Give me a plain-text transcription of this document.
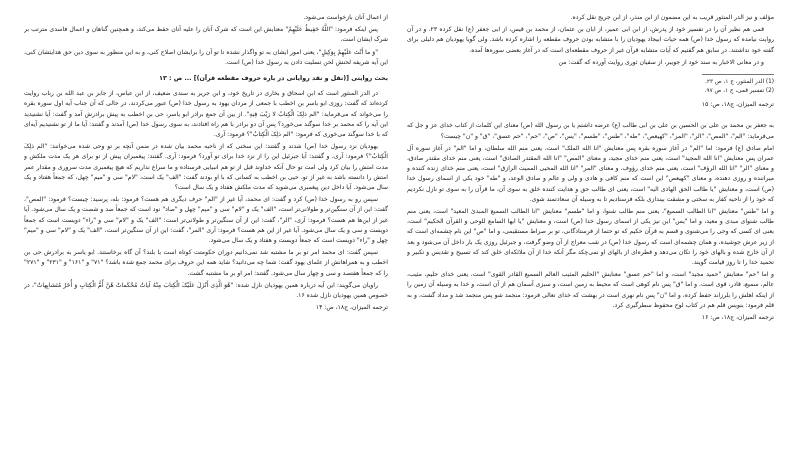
مؤلف و نیز الدر المنثور قریب به این مضمون از ابن منذر، از ابن جریج نقل کرده.

قمی هم نظیر آن را در تفسیر خود از پدرش، از ابن ابی عمیر، از ابان بن عثمان، از محمد بن قیس، از ابی جعفر (ع) نقل کرده ۲۳. و در آن روایت نیامده که رسول خدا (ص) همه حیات ابیجاد یهودیان را با متشابه بودن حروف مقطعه را اشاره کرده باشد. ولی گویا یهودیان هم دلیلی برای گفته خود نداشتند. در سابق هم گفتیم که آیات متشابه قرآن غیر از حروف مقطعه‌ای است که در آغاز بعضی سوره‌ها آمده.

و در معانی الاخبار به سند خود از جویبر، از سفیان ثوری روایت آورده که گفت: من

(1) الدر المنثور، ج ۱، ص ۲۳.

(2) تفسیر قمی، ج ۱، ص ۹۷.

ترجمه المیزان، ج۱۸، ص: ۱۵

به جعفر بن محمد بن علی بن الحسین بن علی بن ابی طالب (ع) عرضه داشتم یا بن رسول الله (ص) معنای این کلمات از کتاب خدای عز و جل که می‌فرماید: "الم"، "المص"، "الر"، "المر"، "کهیعص"، "طه"، "طس"، "طسم"، "یس"، "ص"، "حم"، "حم عسق"، "ق" و "ن" چیست؟

امام صادق (ع) فرمود: اما "الم" در آغاز سوره بقره پس معنایش "انا الله الملک" است، یعنی منم الله سلطان، و اما "الم" در آغاز سوره آل عمران پس معنایش "انا الله المجید" است، یعنی منم خدای مجید، و معنای "المص" "انا الله المقتدر الصادق" است، یعنی منم خدای مقتدر صادق، و معنای "الر" "انا الله الرؤف" است، یعنی منم خدای رؤوف، و معنای "المر" "انا الله المحیی الممیت الرازق" است، یعنی منم خدای زنده کننده و میراننده و روزی دهنده، و معنای "کهیعص" این است که منم کافی و هادی و ولی و عالم و صادق الوعد، و "طه" خود یکی از اسمای رسول خدا (ص) است، و معنایش "یا طالب الحق الهادی الیه" است، یعنی ای طالب حق و هدایت کننده خلق به سوی آن، ما قرآن را به سوی تو نازل نکردیم که خود را از ناحیه کفار به سختی و مشقت بیندازی بلکه فرستادیم تا به وسیله آن سعادتمند شوی.

و اما "طس" معنایش "انا الطالب السمیع"، یعنی منم طالب شنوا، و اما "طسم" معنایش "انا الطالب السمیع المبدئ المعید" است، یعنی منم طالب شنوای مبدی و معید، و اما "یس" این نیز یکی از اسمای رسول خدا (ص) است، و معنایش "یا ایها السامع للوحی و القرآن الحکیم" است، یعنی ای کسی که وحی را می‌شنوی و قسم به قرآن حکیم که تو حتما از فرستادگانی، تو بر صراط مستقیمی، و اما "ص" این نام چشمه‌ای است که از زیر عرش جوشیده، و همان چشمه‌ای است که رسول خدا (ص) در شب معراج از آن وضو گرفت، و جبرئیل روزی یک بار داخل آن می‌شود و بعد از آن خارج شده و بالهای خود را تکان می‌دهد و قطره‌ای از بالهای او نمی‌چکد مگر آنکه خدا از آن ملائکه‌ای خلق کند که تسبیح و تقدیس و تکبیر و تحمید خدا را تا روز قیامت گویند.

و اما "حم" معنایش "حمید مجید" است، و اما "حم عسق" معنایش "الحلیم المثیب العالم السمیع القادر القوی" است، یعنی خدای حلیم، مثیب، عالم، سمیع، قادر، قوی است. و اما "ق" پس نام کوهی است که محیط به زمین است، و سبزی آسمان هم از آن است، و خدا به وسیله آن زمین را از اینکه اهلش را بلرزاند حفظ کرده، و اما "ن" پس نام نهری است در بهشت که خدای تعالی فرمود: منجمد شو پس منجمد شد و مداد گشت، و به قلم فرمود: بنویس قلم هم در کتاب لوح محفوظ سطرگیری کرد.

ترجمه المیزان، ج۱۸، ص: ۱۶

از اعمال آنان بازخواست می‌شود.

پس اینکه فرمود: "اللَّهُ حَفِیظٌ عَلَیْهِمْ" معنایش این است که شرک آنان را علیه آنان حفظ می‌کند، و همچنین گناهان و اعمال فاسدی مترتب بر شرک ایشان است.

"وَ ما أَنْتَ عَلَیْهِمْ بِوَکِیلٍ"، یعنی امور ایشان به تو واگذار نشده تا تو آن را برایشان اصلاح کنی، و به این منظور به سوی دین حق هدایتشان کنی، این آیه شریفه لحنش لحن تسلیت دادن به رسول خدا (ص) است.

بحث روایتی [(نقل و نقد روایاتی در باره حروف مقطعه قرآن)] ... ص : ۱۳

در الدر المنثور است که ابن اسحاق و بخاری در تاریخ خود، و ابن جریر به سندی ضعیف، از ابن عباس، از جابر بن عبد الله بن رباب روایت کرده‌اند که گفت: روزی ابو یاسر بن اخطب با جمعی از مردان یهود به رسول خدا (ص) عبور می‌کردند، در حالی که آن جناب آیه اول سوره بقره را می‌خواند که می‌فرماید: "الم ذلِکَ الْکِتابُ لا رَیْبَ فِیهِ". از بین آن جمع برادر ابو یاسر، حی بن اخطب به پیش برادرش آمد و گفت: آیا نشنیدید این آیه را که محمد بر خدا سوگند می‌خورد؟ پس آن دو برادر با هم راه افتادند، به سوی رسول خدا (ص) آمدند و گفتند: آیا ما از تو نشنیدیم آیه‌ای که با خدا سوگند می‌خوری که فرمود: "الم ذلِکَ الْکِتابُ"؟ فرمود: آری.

یهودیان نزد رسول خدا (ص) شدند و گفتند: این سخنی که از ناحیه محمد بیان شده در ضمن آنچه بر تو وحی شده می‌خوانند: "الم ذلِکَ الْکِتابُ"؟ فرمود: آری، و گفتند: آیا جبرئیل این را از نزد خدا برای تو آورد؟ فرمود: آری. گفتند: پیغمبران پیش از تو برای هر یک مدت ملکش و مدت امتش را بیان کرد ولی امت تو حال آنکه خداوند قبل از تو هم انبیایی فرستاده و ما سراغ نداریم که هیچ پیغمبری مدت سروری و مقدار عمر امتش را دانسته باشد به غیر از تو. حیی بن اخطب به کسانی که با او بودند گفت: "الف" یک است، "لام" سی و "میم" چهل، که جمعاً هفتاد و یک سال می‌شود. آیا داخل دین پیغمبری می‌شوید که مدت ملکش هفتاد و یک سال است؟

سپس رو به رسول خدا (ص) کرد و گفت: ای محمد، آیا غیر از "الم" حرف دیگری هم هست؟ فرمود: بله، پرسید: چیست؟ فرمود: "المص"، گفت: این از آن سنگین‌تر و طولانی‌تر است، "الف" یک و "لام" سی و "میم" چهل و "صاد" نود است که جمعاً صد و شصت و یک سال می‌شود. آیا غیر از این‌ها هم هست؟ فرمود: آری، "الر"، گفت: این از آن سنگین‌تر و طولانی‌تر است: "الف" یک و "لام" سی و "راء" دویست است که جمعاً دویست و سی و یک سال می‌شود. آیا غیر از این هم هست؟ فرمود: آری "المر"، گفت: این از آن سنگین‌تر است، "الف" یک و "لام" سی و "میم" چهل و "راء" دویست است که جمعاً دویست و هفتاد و یک سال می‌شود.

سپس گفت: ای محمد امر تو بر ما مشتبه شد نمی‌دانیم دوران حکومتت کوتاه است یا بلند؟ آن گاه برخاستند. ابو یاسر به برادرش حی بن اخطب و به همراهانش از علمای یهود گفت: شما چه می‌دانید؟ شاید همه این حروف برای محمد جمع شده باشد؟ "۷۱" و "۱۶۱" و "۲۳۱" و "۲۷۱" را که جمعاً هفتصد و سی و چهار سال می‌شود. گفتند: امر او بر ما مشتبه گشت.

راویان می‌گویند: این آیه درباره همین یهودیان نازل شده: "هُوَ الَّذِی أَنْزَلَ عَلَیْکَ الْکِتابَ مِنْهُ آیاتٌ مُحْکَماتٌ هُنَّ أُمُّ الْکِتابِ وَ أُخَرُ مُتَشابِهاتٌ"، در خصوص همین یهودیان نازل شده ۱۶.

ترجمه المیزان، ج۱۸، ص: ۱۴
